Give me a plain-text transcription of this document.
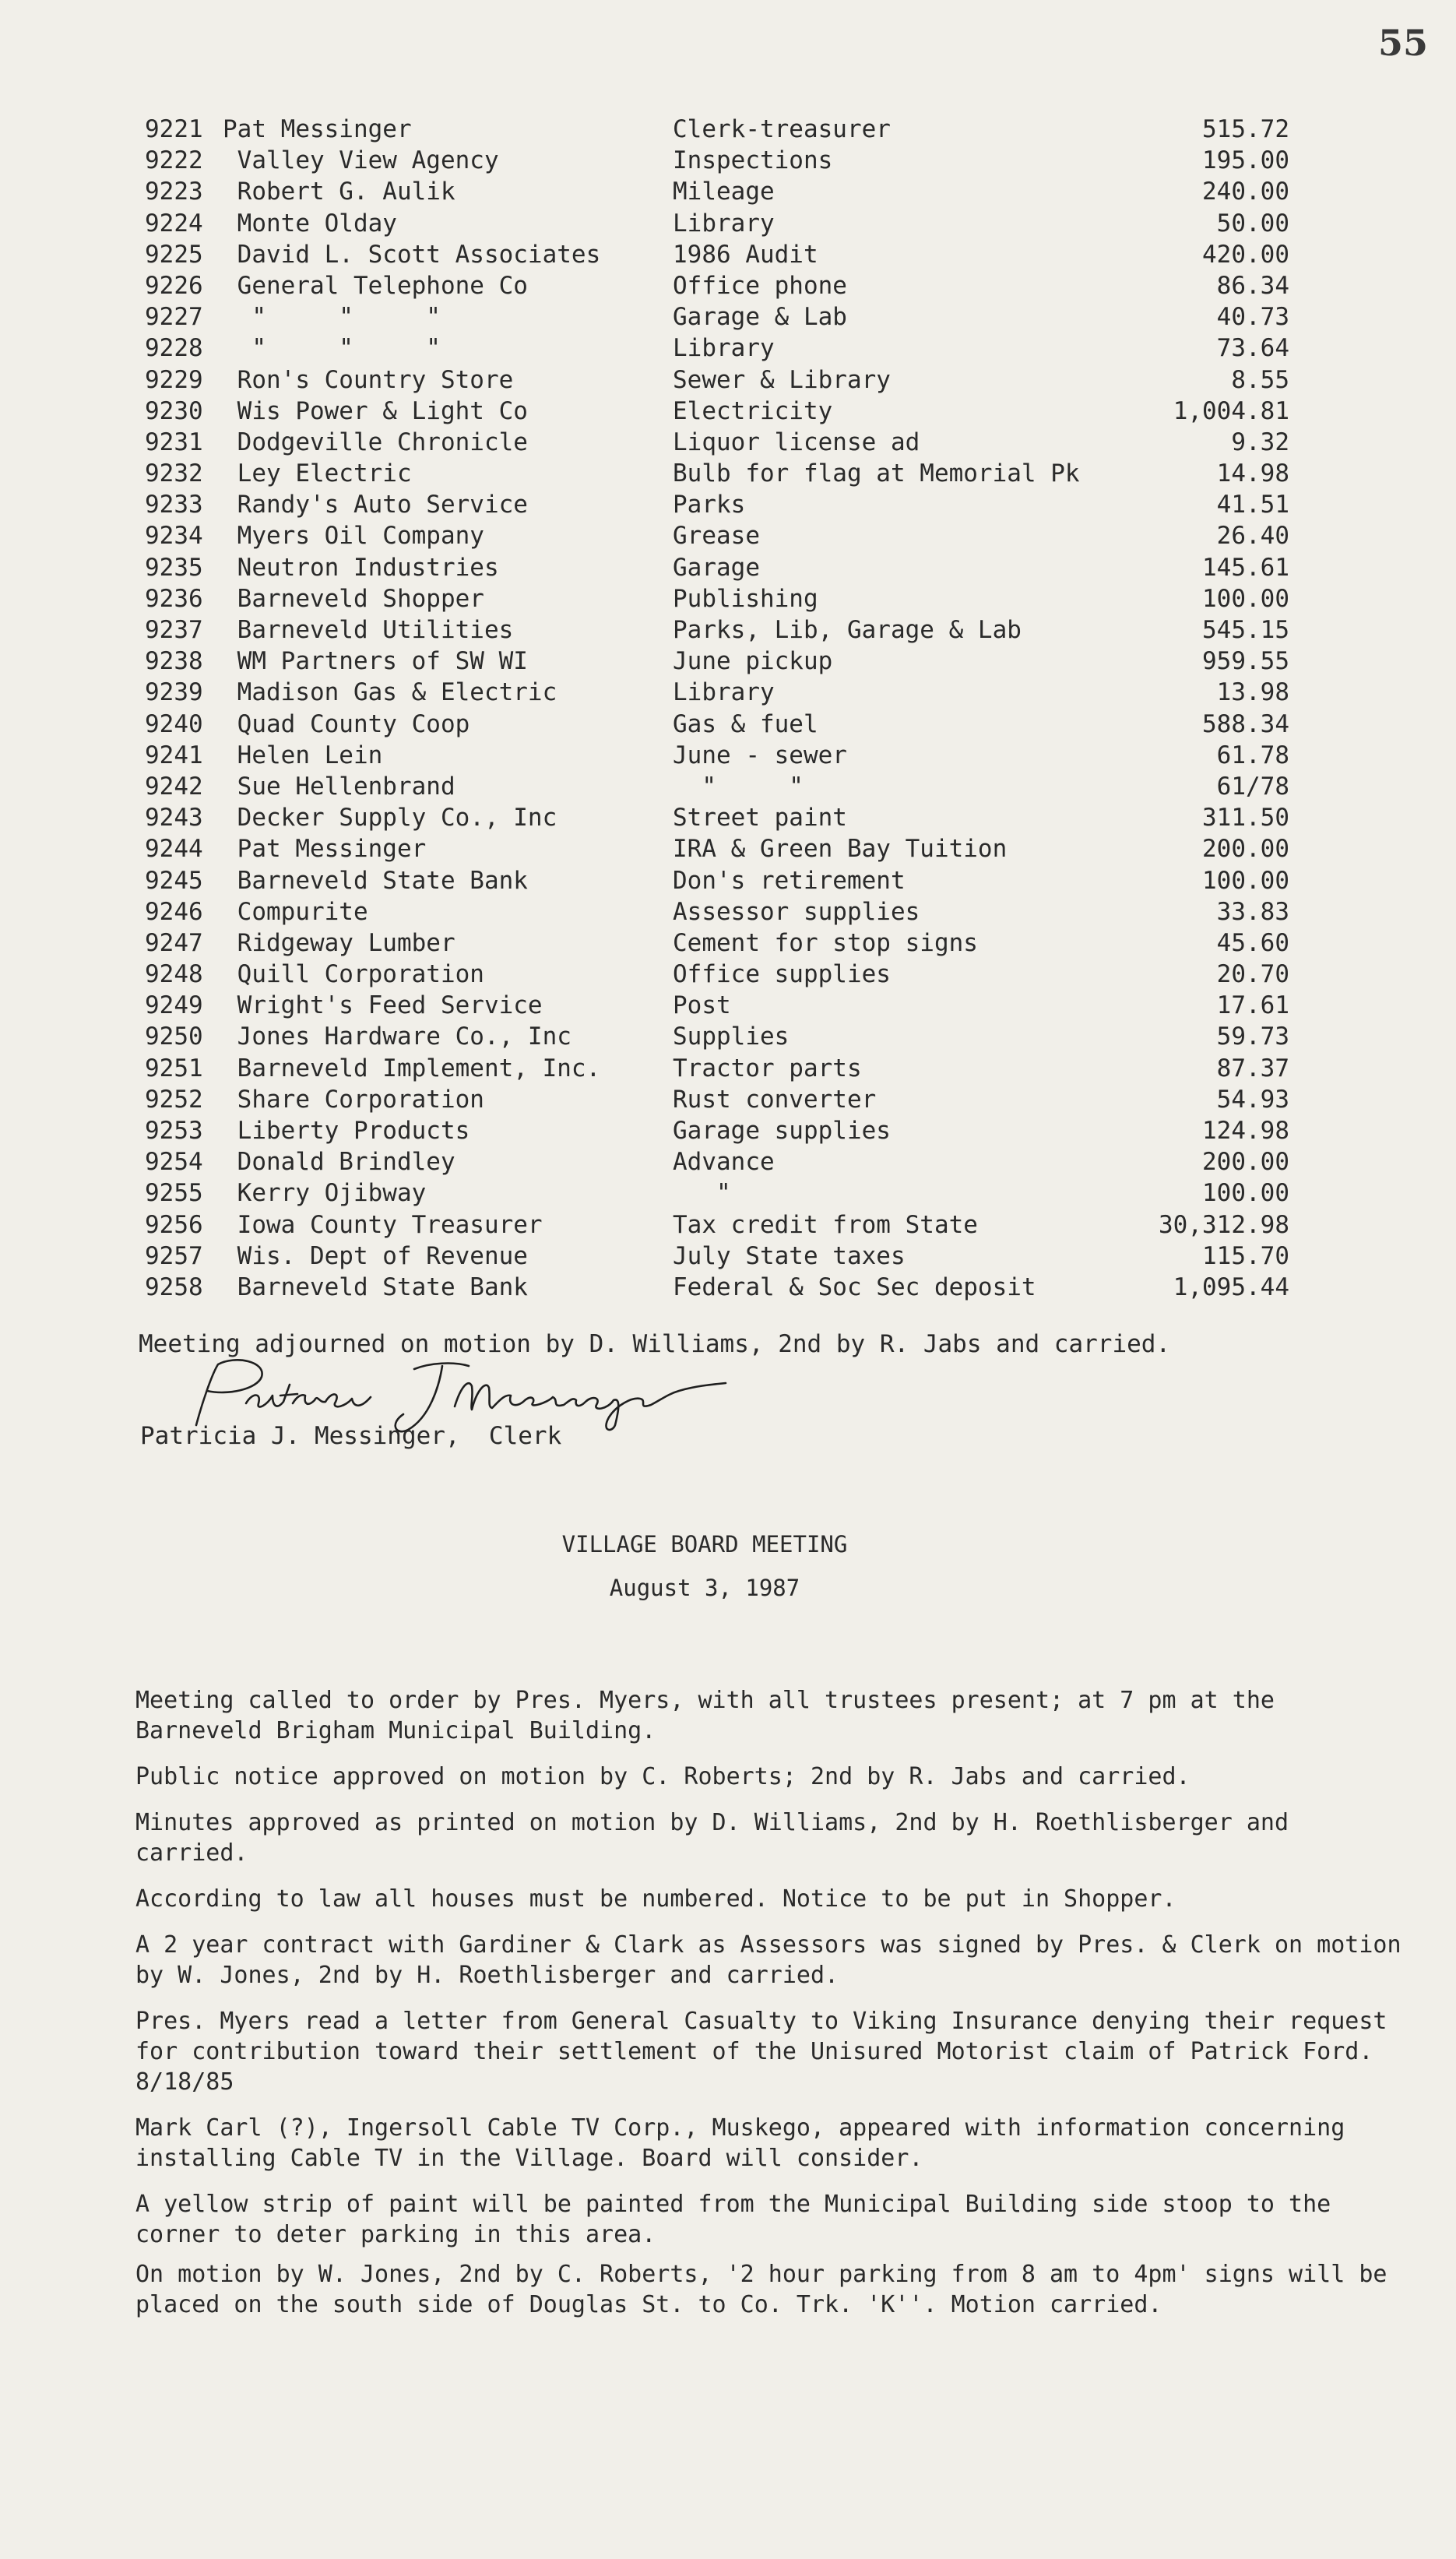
55
9221 Pat Messinger	Clerk-treasurer	515.72
9222 Valley View Agency	Inspections	195.00
9223 Robert G. Aulik	Mileage	240.00
9224 Monte Olday	Library	50.00
9225 David L. Scott Associates	1986 Audit	420.00
9226 General Telephone Co	Office phone	86.34
9227 "     "     "	Garage & Lab	40.73
9228 "     "     "	Library	73.64
9229 Ron's Country Store	Sewer & Library	8.55
9230 Wis Power & Light Co	Electricity	1,004.81
9231 Dodgeville Chronicle	Liquor license ad	9.32
9232 Ley Electric	Bulb for flag at Memorial Pk	14.98
9233 Randy's Auto Service	Parks	41.51
9234 Myers Oil Company	Grease	26.40
9235 Neutron Industries	Garage	145.61
9236 Barneveld Shopper	Publishing	100.00
9237 Barneveld Utilities	Parks, Lib, Garage & Lab	545.15
9238 WM Partners of SW WI	June pickup	959.55
9239 Madison Gas & Electric	Library	13.98
9240 Quad County Coop	Gas & fuel	588.34
9241 Helen Lein	June - sewer	61.78
9242 Sue Hellenbrand	"     "	61/78
9243 Decker Supply Co., Inc	Street paint	311.50
9244 Pat Messinger	IRA & Green Bay Tuition	200.00
9245 Barneveld State Bank	Don's retirement	100.00
9246 Compurite	Assessor supplies	33.83
9247 Ridgeway Lumber	Cement for stop signs	45.60
9248 Quill Corporation	Office supplies	20.70
9249 Wright's Feed Service	Post	17.61
9250 Jones Hardware Co., Inc	Supplies	59.73
9251 Barneveld Implement, Inc.	Tractor parts	87.37
9252 Share Corporation	Rust converter	54.93
9253 Liberty Products	Garage supplies	124.98
9254 Donald Brindley	Advance	200.00
9255 Kerry Ojibway	"	100.00
9256 Iowa County Treasurer	Tax credit from State	30,312.98
9257 Wis. Dept of Revenue	July State taxes	115.70
9258 Barneveld State Bank	Federal & Soc Sec deposit	1,095.44
Meeting adjourned on motion by D. Williams, 2nd by R. Jabs and carried.
Patricia J. Messinger,  Clerk
VILLAGE BOARD MEETING
August 3, 1987
Meeting called to order by Pres. Myers, with all trustees present; at 7 pm at the Barneveld Brigham Municipal Building.
Public notice approved on motion by C. Roberts; 2nd by R. Jabs and carried.
Minutes approved as printed on motion by D. Williams, 2nd by H. Roethlisberger and carried.
According to law all houses must be numbered. Notice to be put in Shopper.
A 2 year contract with Gardiner & Clark as Assessors was signed by Pres. & Clerk on motion by W. Jones, 2nd by H. Roethlisberger and carried.
Pres. Myers read a letter from General Casualty to Viking Insurance denying their request for contribution toward their settlement of the Unisured Motorist claim of Patrick Ford. 8/18/85
Mark Carl (?), Ingersoll Cable TV Corp., Muskego, appeared with information concerning installing Cable TV in the Village. Board will consider.
A yellow strip of paint will be painted from the Municipal Building side stoop to the corner to deter parking in this area.
On motion by W. Jones, 2nd by C. Roberts, '2 hour parking from 8 am to 4pm' signs will be placed on the south side of Douglas St. to Co. Trk. 'K''. Motion carried.
